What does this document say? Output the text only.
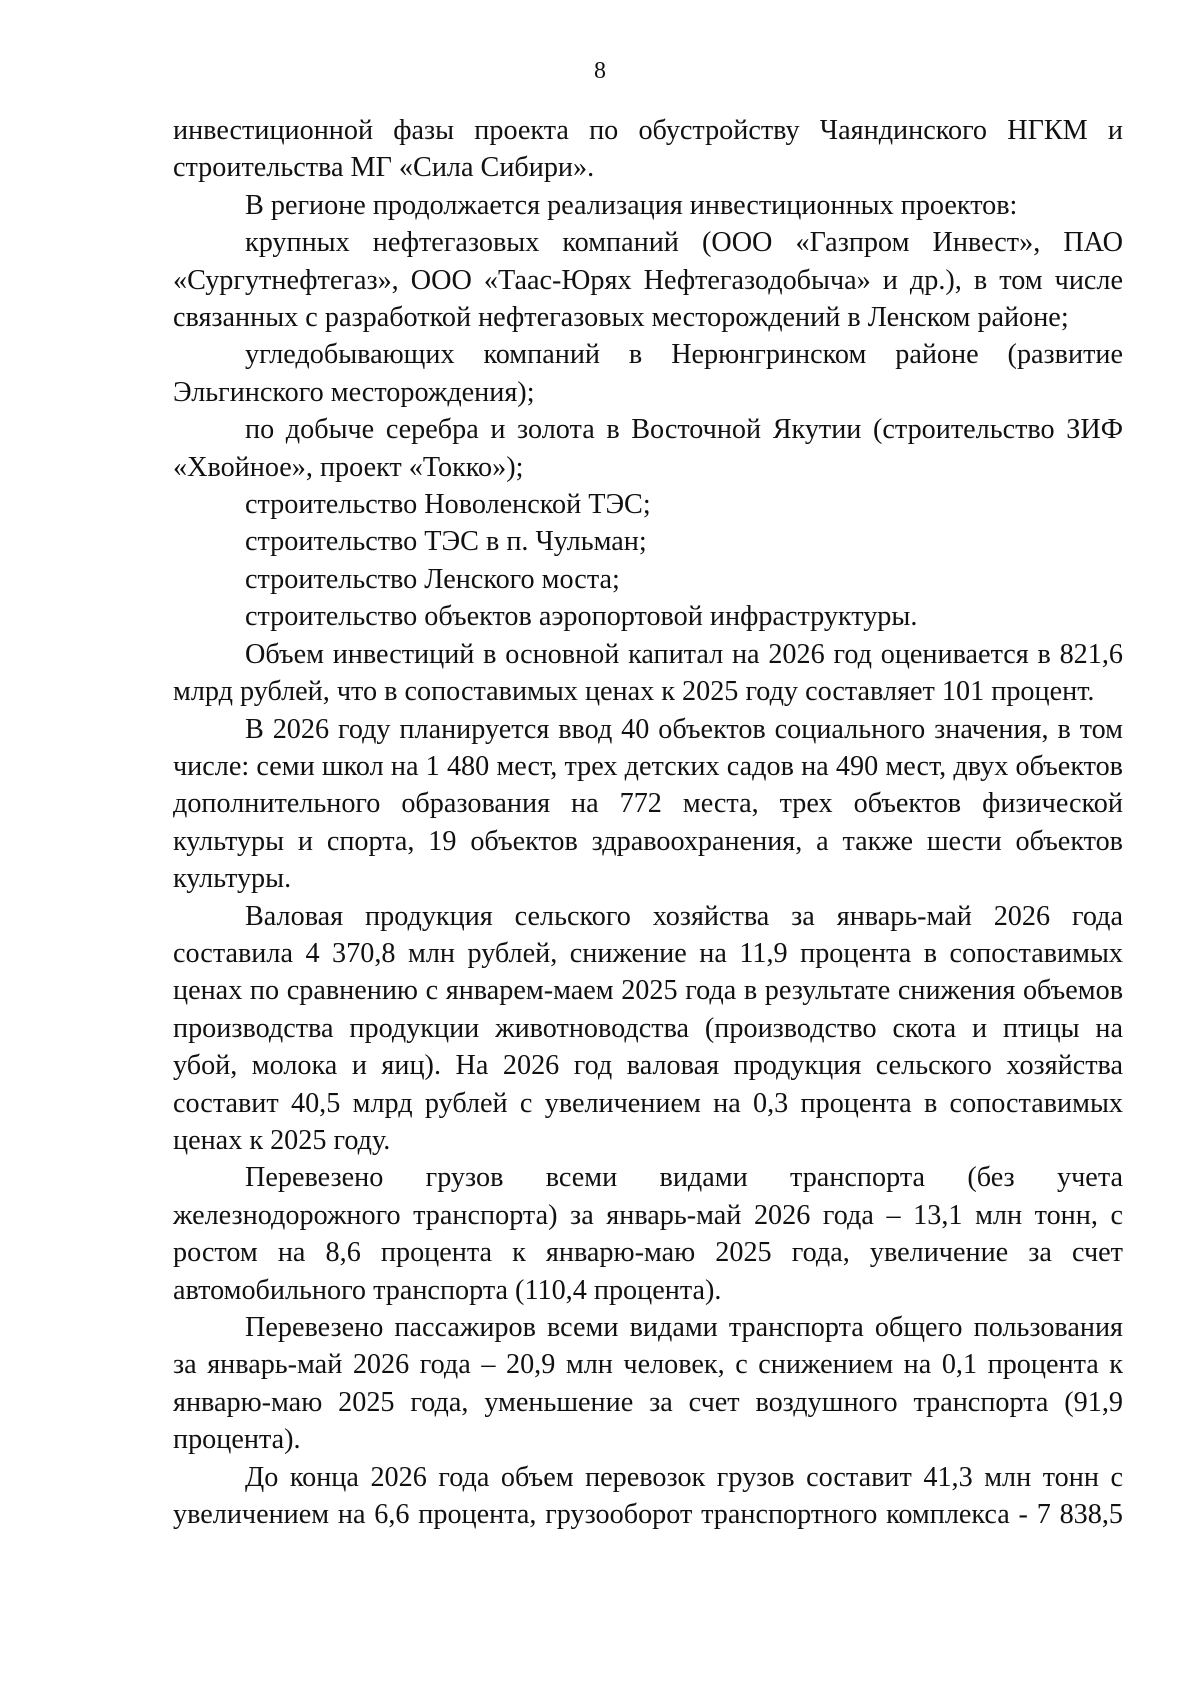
8

инвестиционной фазы проекта по обустройству Чаяндинского НГКМ и строительства МГ «Сила Сибири».

В регионе продолжается реализация инвестиционных проектов:

крупных нефтегазовых компаний (ООО «Газпром Инвест», ПАО «Сургутнефтегаз», ООО «Таас-Юрях Нефтегазодобыча» и др.), в том числе связанных с разработкой нефтегазовых месторождений в Ленском районе;

угледобывающих компаний в Нерюнгринском районе (развитие Эльгинского месторождения);

по добыче серебра и золота в Восточной Якутии (строительство ЗИФ «Хвойное», проект «Токко»);

строительство Новоленской ТЭС;

строительство ТЭС в п. Чульман;

строительство Ленского моста;

строительство объектов аэропортовой инфраструктуры.

Объем инвестиций в основной капитал на 2026 год оценивается в 821,6 млрд рублей, что в сопоставимых ценах к 2025 году составляет 101 процент.

В 2026 году планируется ввод 40 объектов социального значения, в том числе: семи школ на 1 480 мест, трех детских садов на 490 мест, двух объектов дополнительного образования на 772 места, трех объектов физической культуры и спорта, 19 объектов здравоохранения, а также шести объектов культуры.

Валовая продукция сельского хозяйства за январь-май 2026 года составила 4 370,8 млн рублей, снижение на 11,9 процента в сопоставимых ценах по сравнению с январем-маем 2025 года в результате снижения объемов производства продукции животноводства (производство скота и птицы на убой, молока и яиц). На 2026 год валовая продукция сельского хозяйства составит 40,5 млрд рублей с увеличением на 0,3 процента в сопоставимых ценах к 2025 году.

Перевезено грузов всеми видами транспорта (без учета железнодорожного транспорта) за январь-май 2026 года – 13,1 млн тонн, с ростом на 8,6 процента к январю-маю 2025 года, увеличение за счет автомобильного транспорта (110,4 процента).

Перевезено пассажиров всеми видами транспорта общего пользования за январь-май 2026 года – 20,9 млн человек, с снижением на 0,1 процента к январю-маю 2025 года, уменьшение за счет воздушного транспорта (91,9 процента).

До конца 2026 года объем перевозок грузов составит 41,3 млн тонн с увеличением на 6,6 процента, грузооборот транспортного комплекса - 7 838,5
